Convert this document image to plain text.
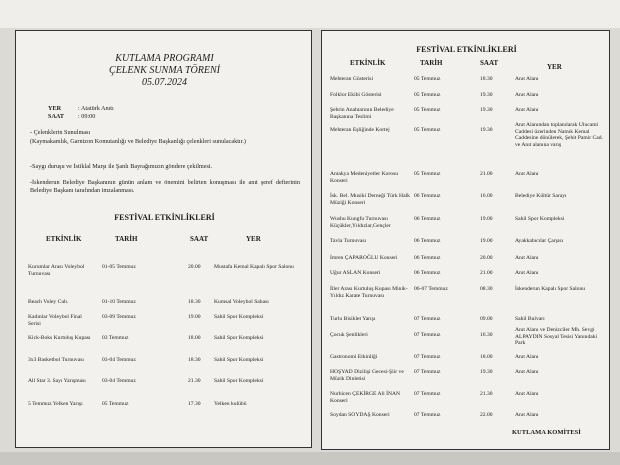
KUTLAMA PROGRAMI
ÇELENK SUNMA TÖRENİ
05.07.2024
YER	: Atatürk Anıtı
SAAT : 09:00
- Çelenklerin Sunulması
(Kaymakamlık, Garnizon Komutanlığı ve Belediye Başkanlığı çelenkleri sunulacaktır.)
-Saygı duruşu ve İstiklal Marşı ile Şanlı Bayrağımızın göndere çekilmesi.
-İskenderun Belediye Başkanının günün anlam ve önemini belirten konuşması ile anıt şeref defterinin Belediye Başkanı tarafından imzalanması.
FESTİVAL ETKİNLİKLERİ
ETKİNLİK	TARİH	SAAT	YER
Kurumlar Arası Voleybol Turnuvası
01-05 Temmuz	20.00 Mustafa Kemal Kapalı Spor Salonu
Beach Voley Cub.	01-10 Temmuz	18.30 Kumsal Voleybol Sahası
Kadınlar Voleybol Final Serisi
03-09 Temmuz	19.00 Sahil Spor Kompleksi
Kick-Boks Kurtuluş Kupası 03 Temmuz	18.00 Sahil Spor Kompleksi
3x3 Basketbol Turnuvası	03-04 Temmuz	18.30 Sahil Spor Kompleksi
All Star 3. Sayı Yarışması	03-04 Temmuz	21.30 Sahil Spor Kompleksi
5 Temmuz Yelken Yarışı	05 Temmuz	17.30 Yelken kulübü
FESTİVAL ETKİNLİKLERİ
ETKİNLİK	TARİH	SAAT	YER
Mehteran Gösterisi	05 Temmuz	18.30	Anıt Alanı
Folklor Ekibi Gösterisi	05 Temmuz	19.30	Anıt Alanı
Şehrin Anahtarının Belediye Başkanına Teslimi
05 Temmuz	19.30	Anıt Alanı
Mehteran Eşliğinde Kortej	05 Temmuz	19.30
Anıt Alanından toplanılarak Ulucami Caddesi üzerinden Namık Kemal Caddesine dönülerek, Şehit Pamir Cad. ve Anıt alanına varış
Antakya Medeniyetler Korosu Konseri
05 Temmuz	21.00	Anıt Alanı
İsk. Bel. Musiki Derneği Türk Halk Müziği Konseri
06 Temmuz	16.00	Belediye Kültür Sarayı
Wushu Kungfu Turnuvası Küçükler,Yıldızlar,Gençler
06 Temmuz	19.00	Sahil Spor Kompleksi
Tavla Turnuvası	06 Temmuz	19.00	Ayakkabıcılar Çarşısı
İmren ÇAPAROĞLU Konseri	06 Temmuz	20.00	Anıt Alanı
Uğur ASLAN Konseri	06 Temmuz	21.00	Anıt Alanı
İller Arası Kurtuluş Kupası Minik- Yıldız Karate Turnuvası
06-07 Temmuz	08.30	İskenderun Kapalı Spor Salonu
Turlu Bisiklet Yarışı	07 Temmuz	09.00	Sahil Bulvarı
Çocuk Şenlikleri	07 Temmuz	16.30
Anıt Alanı ve Denizciler Mh. Sevgi ALPAYDIN Sosyal Tesisi Yanındaki Park
Gastronomi Etkinliği	07 Temmuz	18.00	Anıt Alanı
HOŞYAD Dizilişi Gecesi-Şiir ve Müzik Dinletisi
07 Temmuz	19.30	Anıt Alanı
Nurhicen ÇEKİRGE Ali İNAN Konseri
07 Temmuz	21.30	Anıt Alanı
Soydan SOYDAŞ Konseri	07 Temmuz	22.00	Anıt Alanı
KUTLAMA KOMİTESİ
